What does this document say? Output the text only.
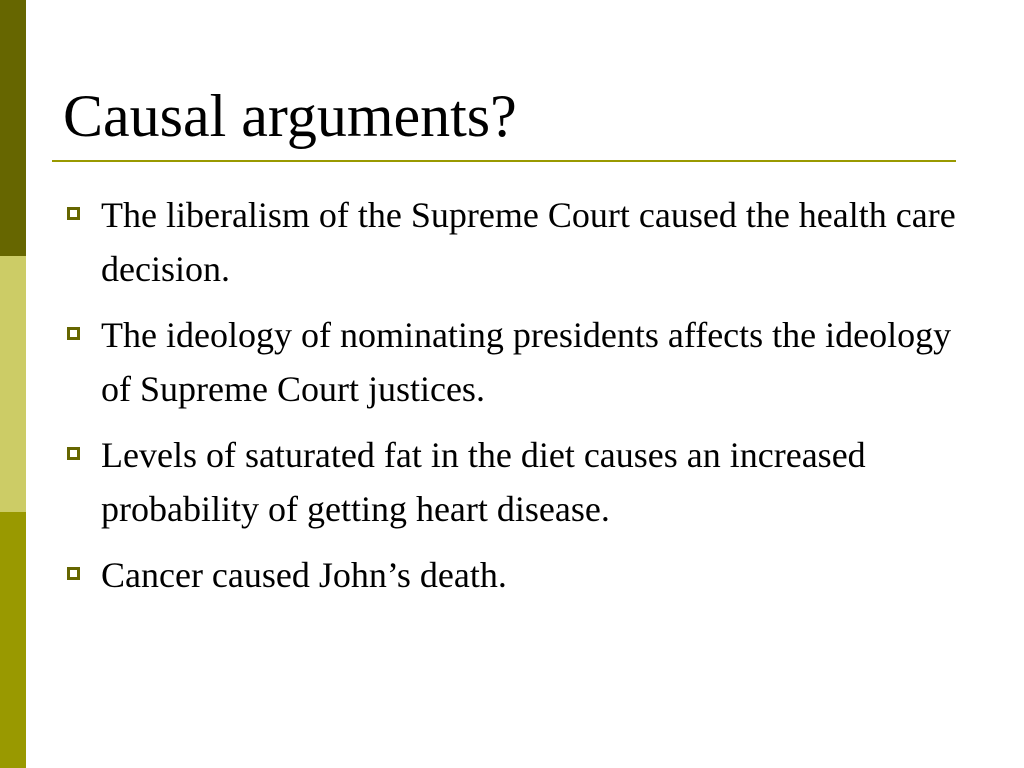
Causal arguments?
The liberalism of the Supreme Court caused the health care decision.
The ideology of nominating presidents affects the ideology of Supreme Court justices.
Levels of saturated fat in the diet causes an increased probability of getting heart disease.
Cancer caused John’s death.
